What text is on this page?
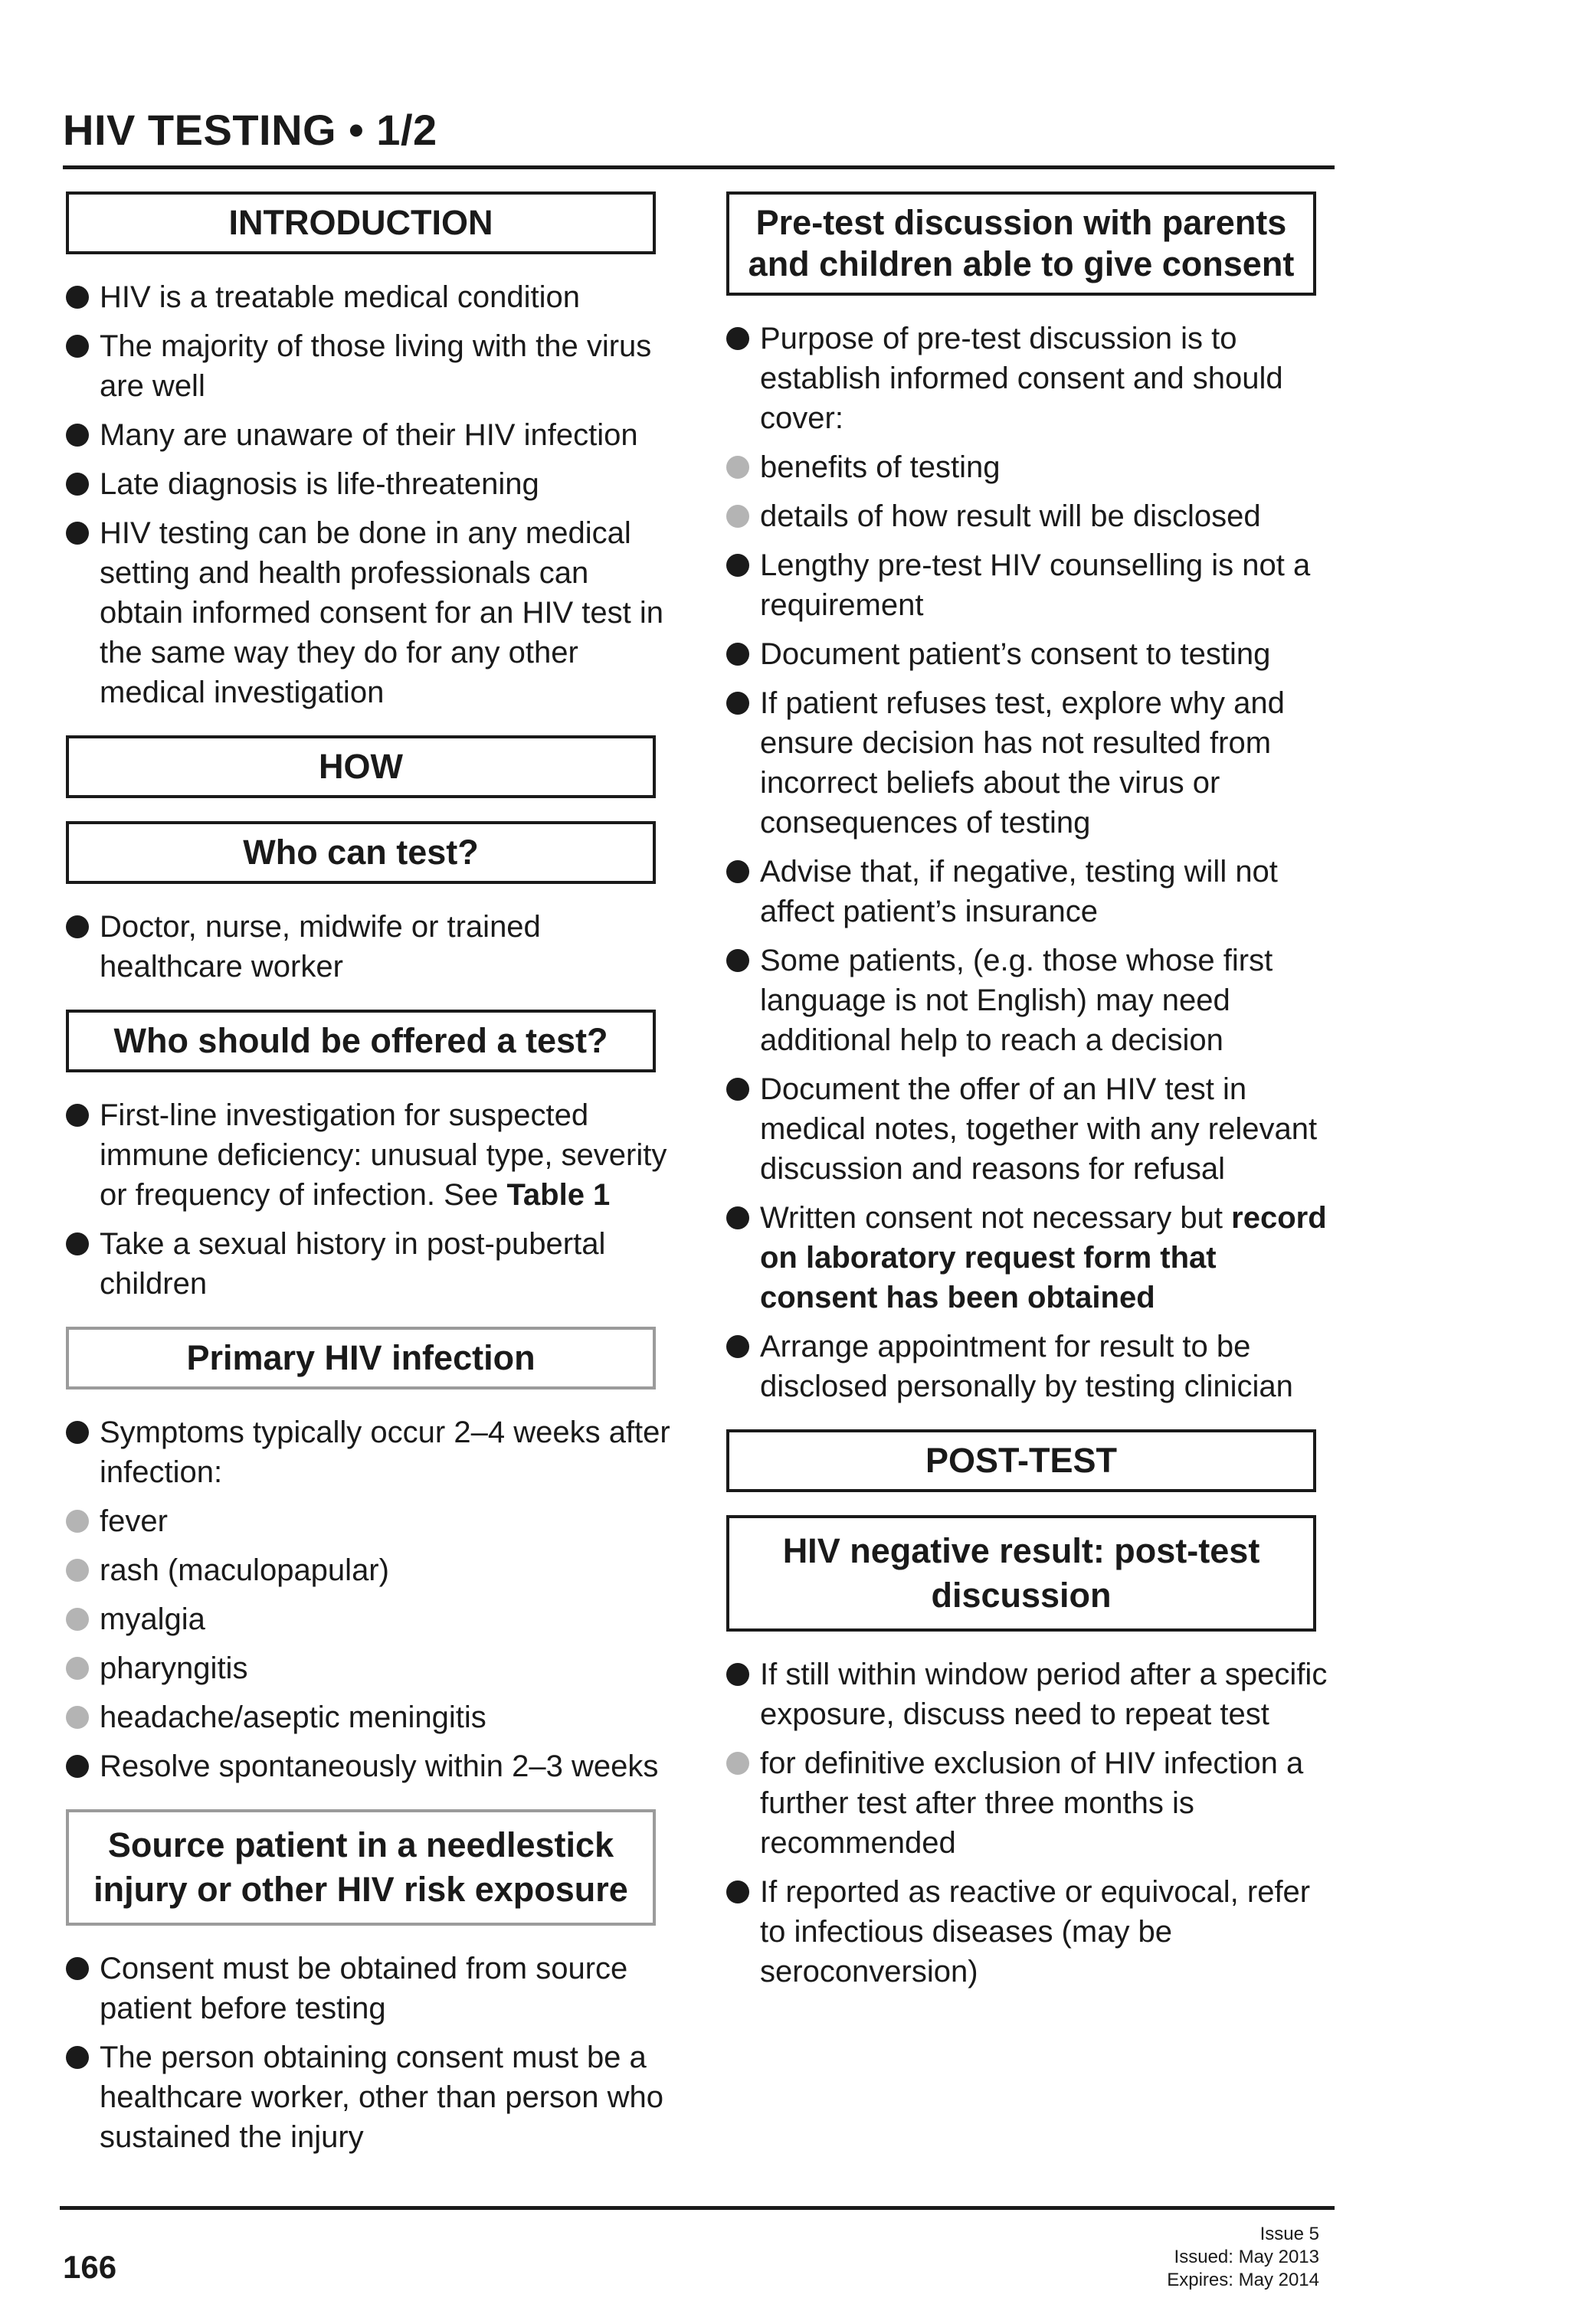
HIV TESTING • 1/2
INTRODUCTION
HIV is a treatable medical condition
The majority of those living with the virus are well
Many are unaware of their HIV infection
Late diagnosis is life-threatening
HIV testing can be done in any medical setting and health professionals can obtain informed consent for an HIV test in the same way they do for any other medical investigation
HOW
Who can test?
Doctor, nurse, midwife or trained healthcare worker
Who should be offered a test?
First-line investigation for suspected immune deficiency: unusual type, severity or frequency of infection. See Table 1
Take a sexual history in post-pubertal children
Primary HIV infection
Symptoms typically occur 2–4 weeks after infection:
fever
rash (maculopapular)
myalgia
pharyngitis
headache/aseptic meningitis
Resolve spontaneously within 2–3 weeks
Source patient in a needlestick injury or other HIV risk exposure
Consent must be obtained from source patient before testing
The person obtaining consent must be a healthcare worker, other than person who sustained the injury
Pre-test discussion with parents and children able to give consent
Purpose of pre-test discussion is to establish informed consent and should cover:
benefits of testing
details of how result will be disclosed
Lengthy pre-test HIV counselling is not a requirement
Document patient’s consent to testing
If patient refuses test, explore why and ensure decision has not resulted from incorrect beliefs about the virus or consequences of testing
Advise that, if negative, testing will not affect patient’s insurance
Some patients, (e.g. those whose first language is not English) may need additional help to reach a decision
Document the offer of an HIV test in medical notes, together with any relevant discussion and reasons for refusal
Written consent not necessary but record on laboratory request form that consent has been obtained
Arrange appointment for result to be disclosed personally by testing clinician
POST-TEST
HIV negative result: post-test discussion
If still within window period after a specific exposure, discuss need to repeat test
for definitive exclusion of HIV infection a further test after three months is recommended
If reported as reactive or equivocal, refer to infectious diseases (may be seroconversion)
166
Issue 5
Issued: May 2013
Expires: May 2014
